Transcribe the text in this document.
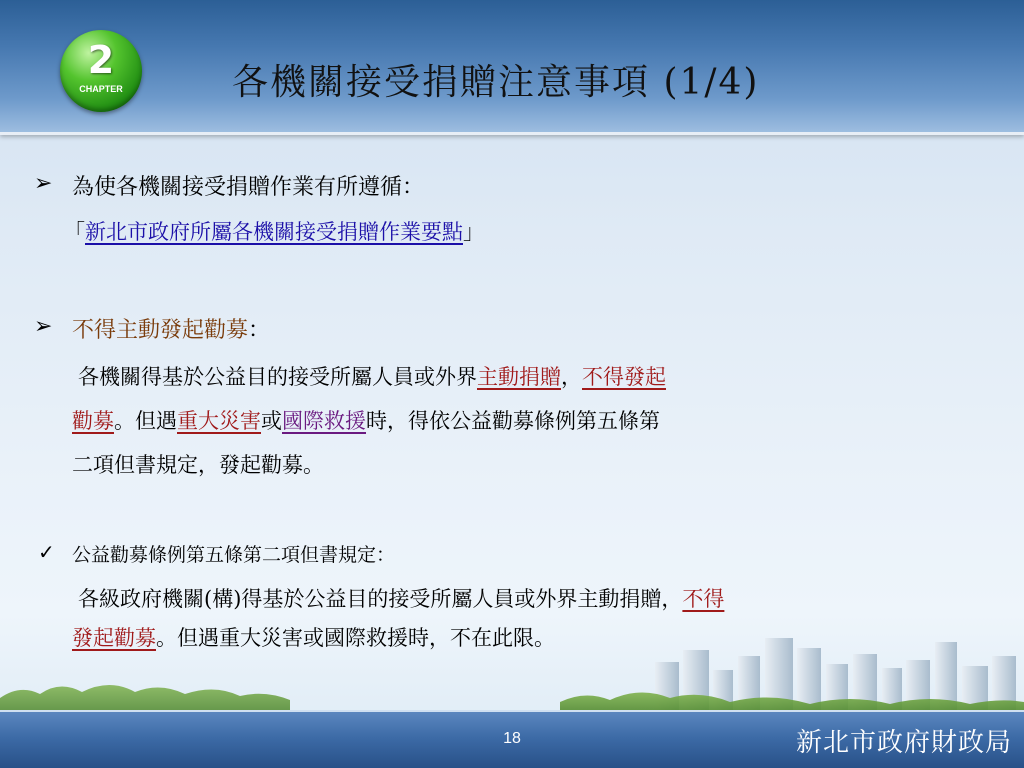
2
CHAPTER	各機關接受捐贈注意事項 (1/4)
➢ 為使各機關接受捐贈作業有所遵循：
「新北市政府所屬各機關接受捐贈作業要點」
➢ 不得主動發起勸募：
各機關得基於公益目的接受所屬人員或外界主動捐贈，不得發起
勸募。但遇重大災害或國際救援時，得依公益勸募條例第五條第
二項但書規定，發起勸募。
✓ 公益勸募條例第五條第二項但書規定：
各級政府機關(構)得基於公益目的接受所屬人員或外界主動捐贈，不得
發起勸募。但遇重大災害或國際救援時，不在此限。
18	新北市政府財政局
